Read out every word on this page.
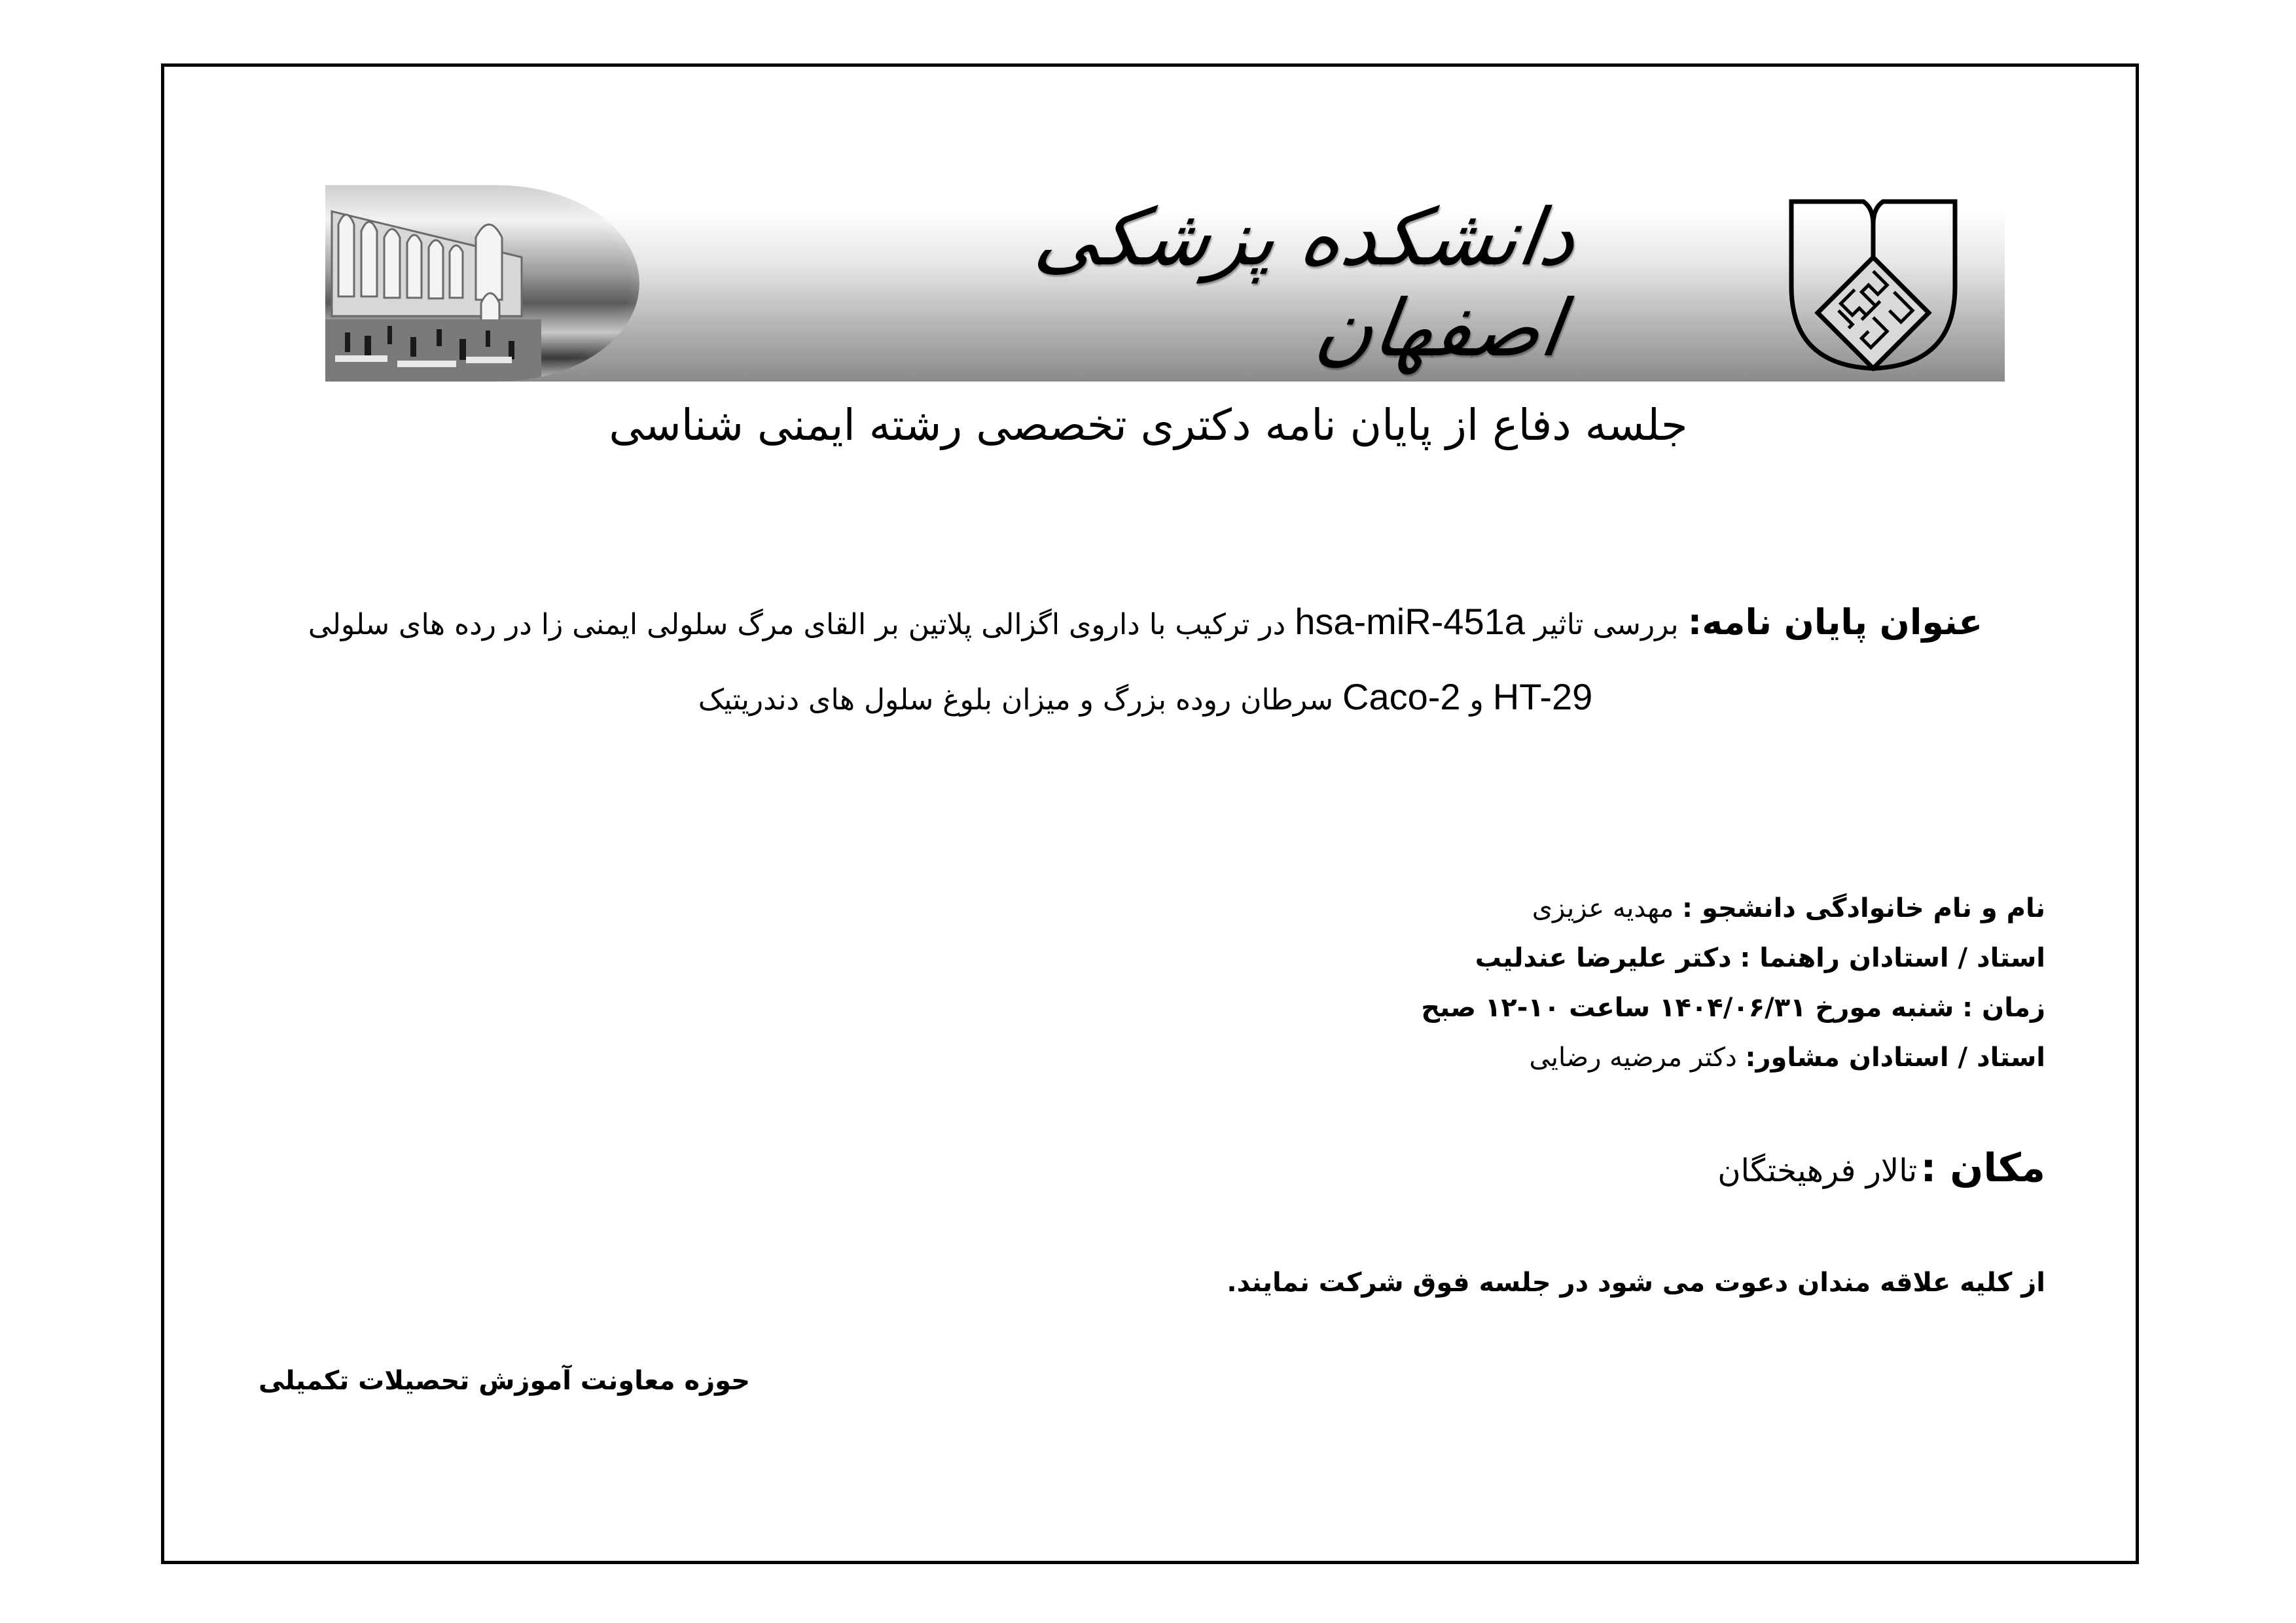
دانشکده پزشکی اصفهان
جلسه دفاع از پایان نامه دکتری تخصصی رشته ایمنی شناسی
عنوان پایان نامه: بررسی تاثیر hsa-miR-451a در ترکیب با داروی اگزالی پلاتین بر القای مرگ سلولی ایمنی زا در رده های سلولی HT-29 و Caco-2 سرطان روده بزرگ و میزان بلوغ سلول های دندریتیک
نام و نام خانوادگی دانشجو : مهدیه عزیزی
استاد / استادان راهنما : دکتر علیرضا عندلیب
زمان : شنبه مورخ ۱۴۰۴/۰۶/۳۱ ساعت ۱۰-۱۲ صبح
استاد / استادان مشاور: دکتر مرضیه رضایی
مکان : تالار فرهیختگان
از کلیه علاقه مندان دعوت می شود در جلسه فوق شرکت نمایند.
حوزه معاونت آموزش تحصیلات تکمیلی
